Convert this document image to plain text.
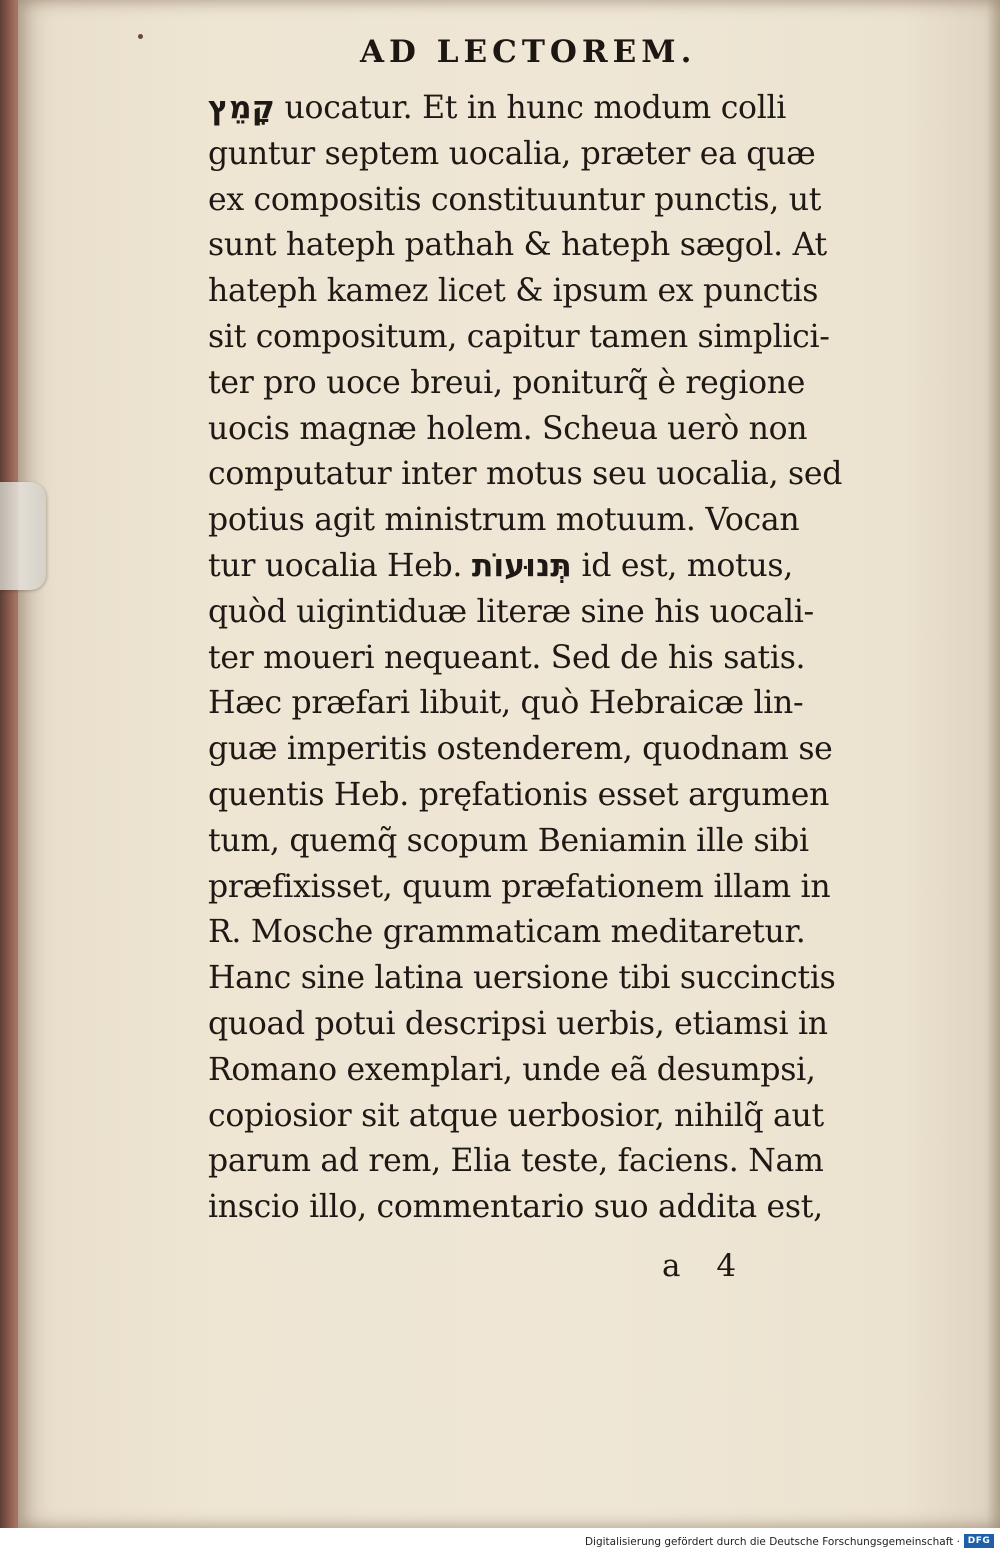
AD LECTOREM.
קָמֵץ uocatur. Et in hunc modum colli
guntur septem uocalia, præter ea quæ
ex compositis constituuntur punctis, ut
sunt hateph pathah & hateph sægol. At
hateph kamez licet & ipsum ex punctis
sit compositum, capitur tamen simplici-
ter pro uoce breui, poniturq̃ è regione
uocis magnæ holem. Scheua uerò non
computatur inter motus seu uocalia, sed
potius agit ministrum motuum. Vocan
tur uocalia Heb. תְּנוּעוֹת id est, motus,
quòd uigintiduæ literæ sine his uocali-
ter moueri nequeant. Sed de his satis.
Hæc præfari libuit, quò Hebraicæ lin-
guæ imperitis ostenderem, quodnam se
quentis Heb. pręfationis esset argumen
tum, quemq̃ scopum Beniamin ille sibi
præfixisset, quum præfationem illam in
R. Mosche grammaticam meditaretur.
Hanc sine latina uersione tibi succinctis
quoad potui descripsi uerbis, etiamsi in
Romano exemplari, unde eã desumpsi,
copiosior sit atque uerbosior, nihilq̃ aut
parum ad rem, Elia teste, faciens. Nam
inscio illo, commentario suo addita est,
a 4
Digitalisierung gefördert durch die Deutsche Forschungsgemeinschaft · DFG
